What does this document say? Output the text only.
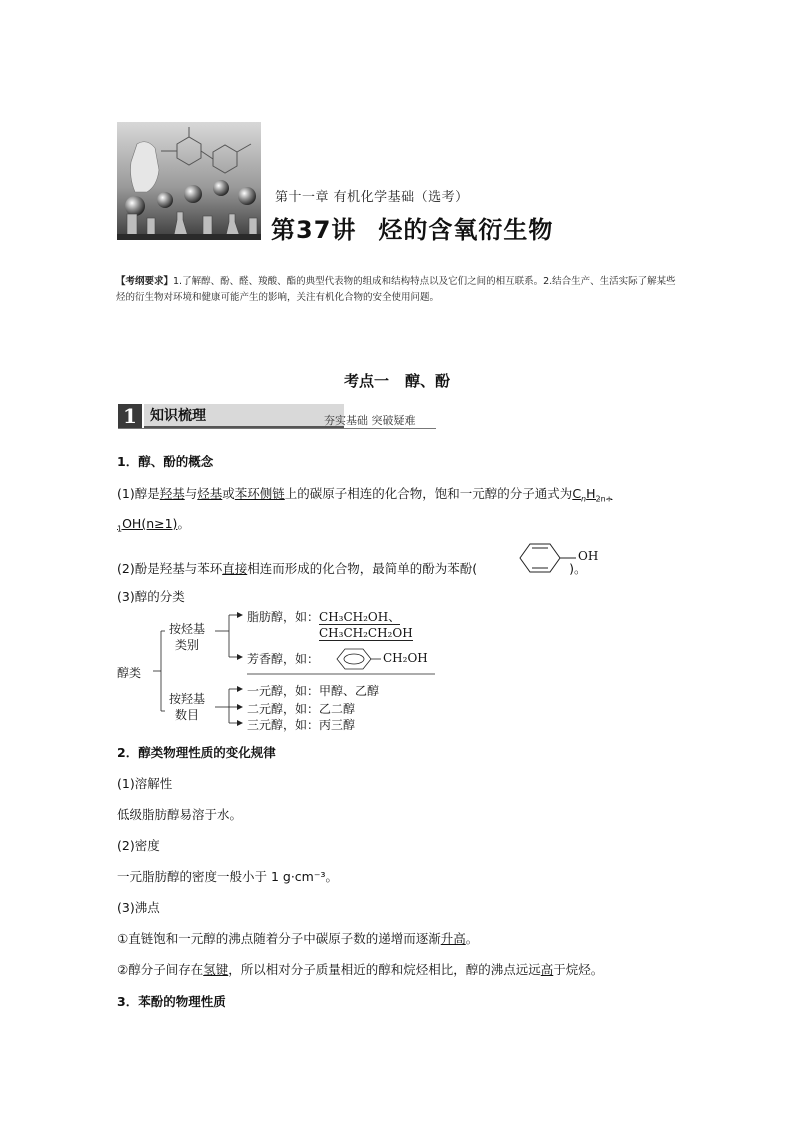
第十一章 有机化学基础（选考）
第37讲 烃的含氧衍生物
【考纲要求】1.了解醇、酚、醛、羧酸、酯的典型代表物的组成和结构特点以及它们之间的相互联系。2.结合生产、生活实际了解某些烃的衍生物对环境和健康可能产生的影响，关注有机化合物的安全使用问题。
考点一 醇、酚
1 知识梳理	夯实基础 突破疑难
1．醇、酚的概念
(1)醇是羟基与烃基或苯环侧链上的碳原子相连的化合物，饱和一元醇的分子通式为$C_nH_{2n+}$
$_1$OH(n≥1)。
(2)酚是羟基与苯环直接相连而形成的化合物，最简单的酚为苯酚(	)。
OH
(3)醇的分类
醇类
按烃基
类别
按羟基
数目
脂肪醇，如：CH₃CH₂OH、
CH₃CH₂CH₂OH
芳香醇，如：	CH₂OH
一元醇，如：甲醇、乙醇
二元醇，如：乙二醇
三元醇，如：丙三醇
2．醇类物理性质的变化规律
(1)溶解性
低级脂肪醇易溶于水。
(2)密度
一元脂肪醇的密度一般小于 1 g·cm⁻³。
(3)沸点
①直链饱和一元醇的沸点随着分子中碳原子数的递增而逐渐升高。
②醇分子间存在氢键，所以相对分子质量相近的醇和烷烃相比，醇的沸点远远高于烷烃。
3．苯酚的物理性质
